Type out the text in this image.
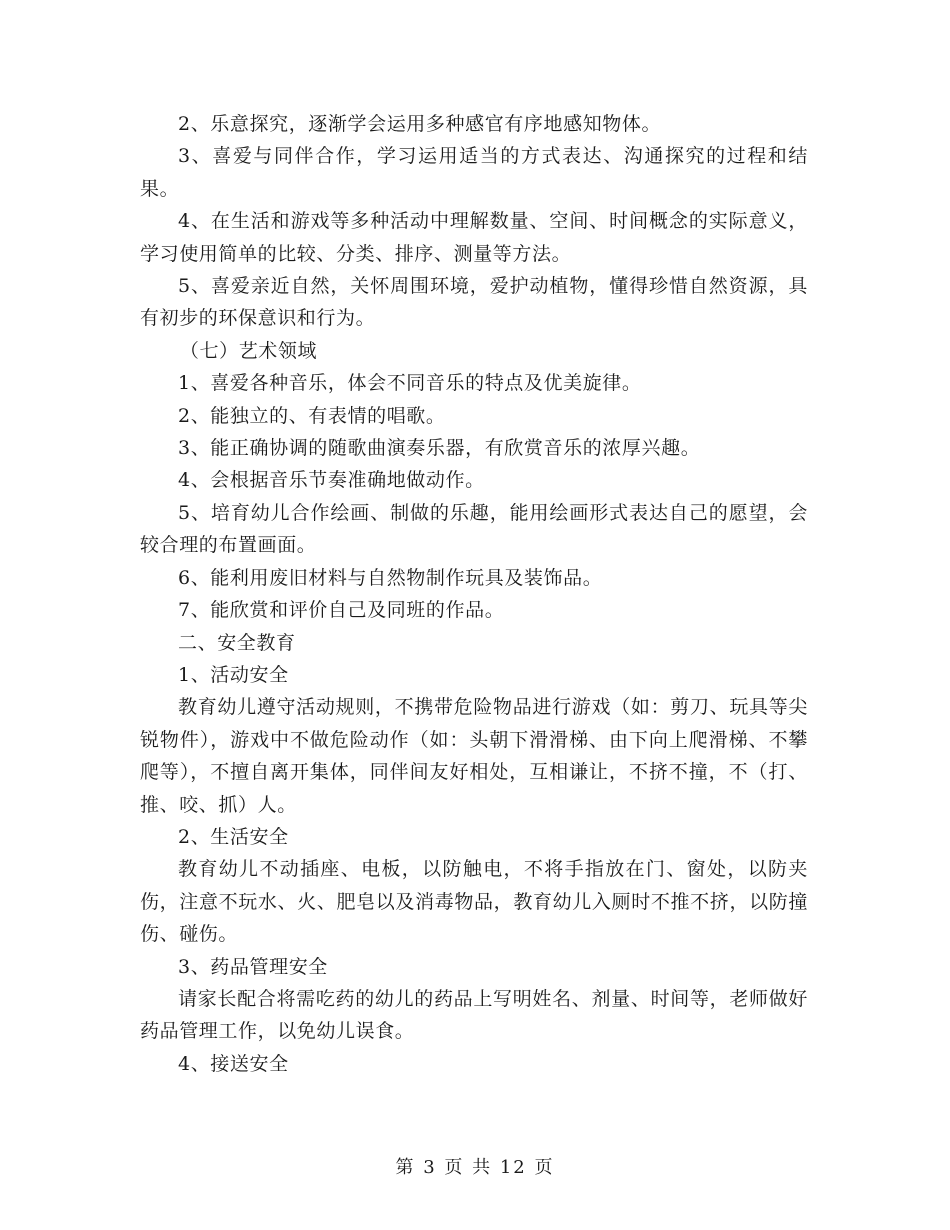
2、乐意探究，逐渐学会运用多种感官有序地感知物体。

3、喜爱与同伴合作，学习运用适当的方式表达、沟通探究的过程和结果。

4、在生活和游戏等多种活动中理解数量、空间、时间概念的实际意义，学习使用简单的比较、分类、排序、测量等方法。

5、喜爱亲近自然，关怀周围环境，爱护动植物，懂得珍惜自然资源，具有初步的环保意识和行为。

（七）艺术领域

1、喜爱各种音乐，体会不同音乐的特点及优美旋律。

2、能独立的、有表情的唱歌。

3、能正确协调的随歌曲演奏乐器，有欣赏音乐的浓厚兴趣。

4、会根据音乐节奏准确地做动作。

5、培育幼儿合作绘画、制做的乐趣，能用绘画形式表达自己的愿望，会较合理的布置画面。

6、能利用废旧材料与自然物制作玩具及装饰品。

7、能欣赏和评价自己及同班的作品。

二、安全教育

1、活动安全

教育幼儿遵守活动规则，不携带危险物品进行游戏（如：剪刀、玩具等尖锐物件），游戏中不做危险动作（如：头朝下滑滑梯、由下向上爬滑梯、不攀爬等），不擅自离开集体，同伴间友好相处，互相谦让，不挤不撞，不（打、推、咬、抓）人。

2、生活安全

教育幼儿不动插座、电板，以防触电，不将手指放在门、窗处，以防夹伤，注意不玩水、火、肥皂以及消毒物品，教育幼儿入厕时不推不挤，以防撞伤、碰伤。

3、药品管理安全

请家长配合将需吃药的幼儿的药品上写明姓名、剂量、时间等，老师做好药品管理工作，以免幼儿误食。

4、接送安全

第 3 页 共 12 页
